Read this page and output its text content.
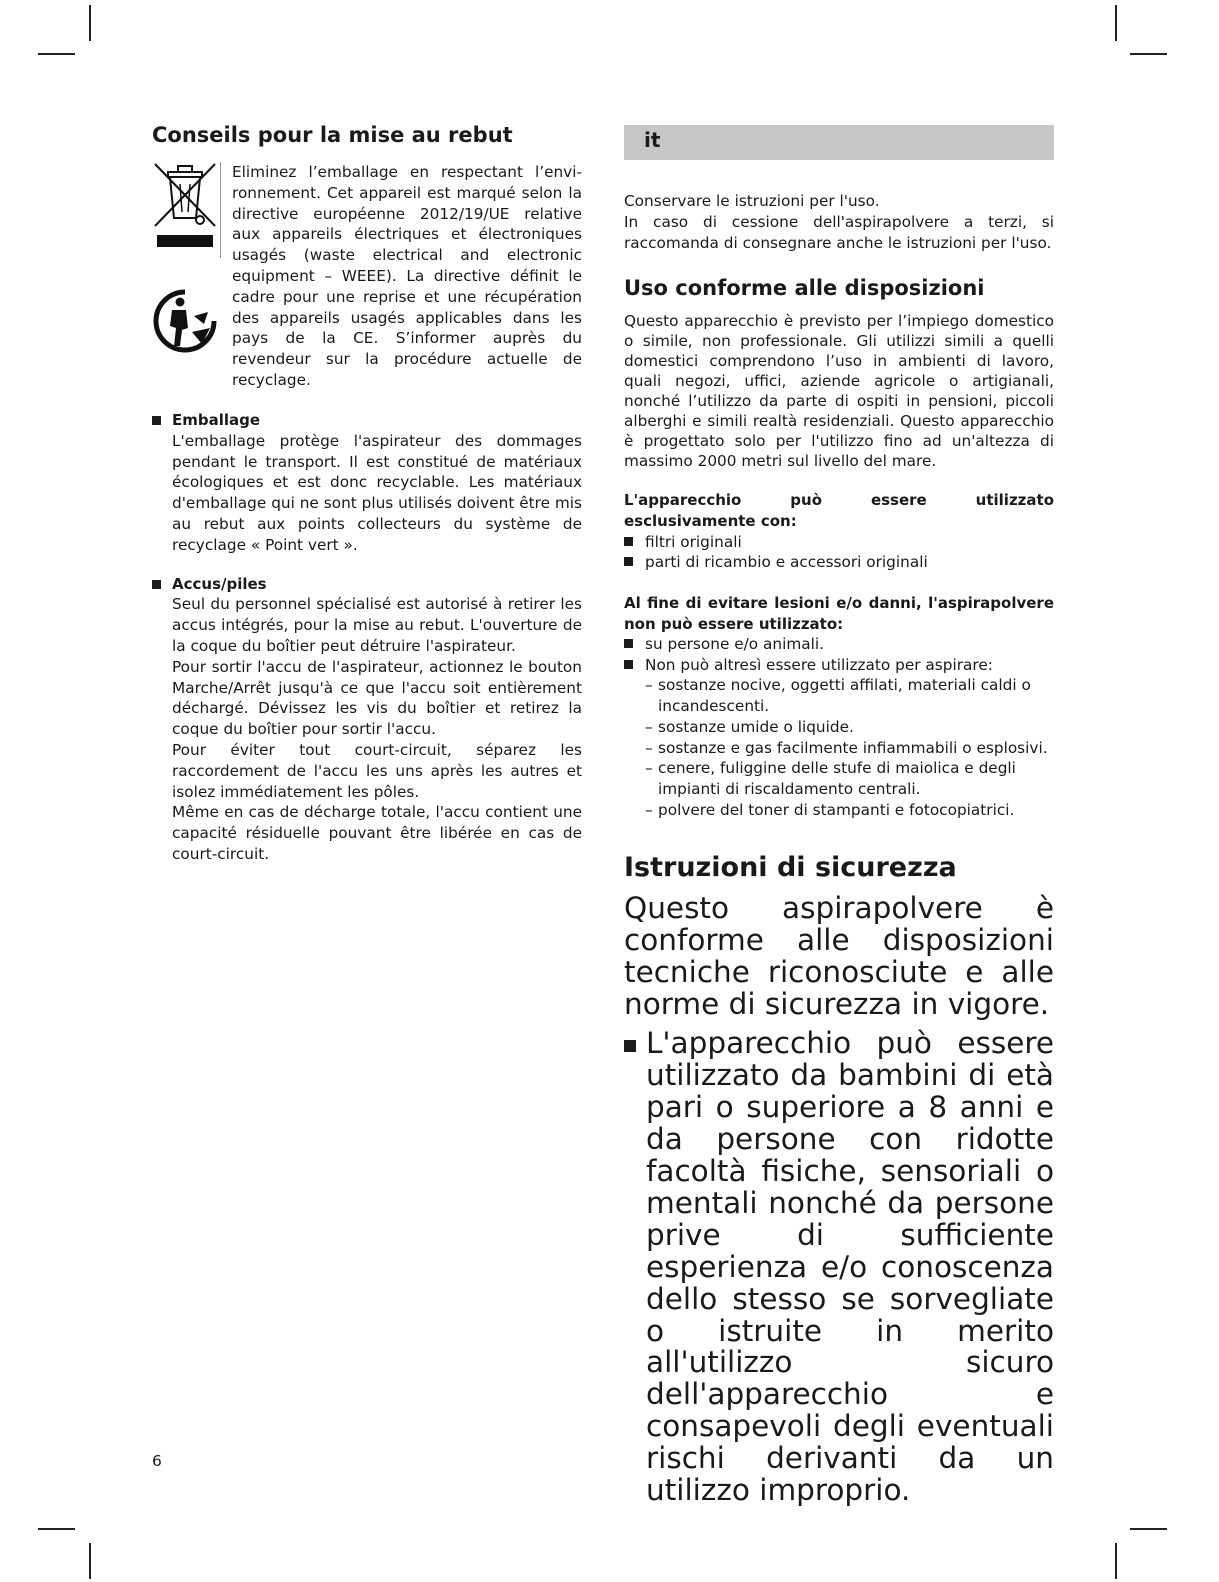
Conseils pour la mise au rebut

Eliminez l’emballage en respectant l’envi-ronnement. Cet appareil est marqué selon la directive européenne 2012/19/UE relative aux appareils électriques et électroniques usagés (waste electrical and electronic equipment – WEEE). La directive définit le cadre pour une reprise et une récupération des appareils usagés applicables dans les pays de la CE. S’informer auprès du revendeur sur la procédure actuelle de recyclage.

Emballage

L'emballage protège l'aspirateur des dommages pendant le transport. Il est constitué de matériaux écologiques et est donc recyclable. Les matériaux d'emballage qui ne sont plus utilisés doivent être mis au rebut aux points collecteurs du système de recyclage « Point vert ».

Accus/piles

Seul du personnel spécialisé est autorisé à retirer les accus intégrés, pour la mise au rebut. L'ouverture de la coque du boîtier peut détruire l'aspirateur.

Pour sortir l'accu de l'aspirateur, actionnez le bouton Marche/Arrêt jusqu'à ce que l'accu soit entièrement déchargé. Dévissez les vis du boîtier et retirez la coque du boîtier pour sortir l'accu.

Pour éviter tout court-circuit, séparez les raccordement de l'accu les uns après les autres et isolez immédiatement les pôles.

Même en cas de décharge totale, l'accu contient une capacité résiduelle pouvant être libérée en cas de court-circuit.

it

Conservare le istruzioni per l'uso.

In caso di cessione dell'aspirapolvere a terzi, si raccomanda di consegnare anche le istruzioni per l'uso.

Uso conforme alle disposizioni

Questo apparecchio è previsto per l’impiego domestico o simile, non professionale. Gli utilizzi simili a quelli domestici comprendono l’uso in ambienti di lavoro, quali negozi, uffici, aziende agricole o artigianali, nonché l’utilizzo da parte di ospiti in pensioni, piccoli alberghi e simili realtà residenziali. Questo apparecchio è progettato solo per l'utilizzo fino ad un'altezza di massimo 2000 metri sul livello del mare.

L'apparecchio può essere utilizzato esclusivamente con:

filtri originali
parti di ricambio e accessori originali

Al fine di evitare lesioni e/o danni, l'aspirapolvere non può essere utilizzato:

su persone e/o animali.
Non può altresì essere utilizzato per aspirare:
– sostanze nocive, oggetti affilati, materiali caldi o incandescenti.
– sostanze umide o liquide.
– sostanze e gas facilmente infiammabili o esplosivi.
– cenere, fuliggine delle stufe di maiolica e degli impianti di riscaldamento centrali.
– polvere del toner di stampanti e fotocopiatrici.
Istruzioni di sicurezza

Questo aspirapolvere è conforme alle disposizioni tecniche riconosciute e alle norme di sicurezza in vigore.

L'apparecchio può essere utilizzato da bambini di età pari o superiore a 8 anni e da persone con ridotte facoltà fisiche, sensoriali o mentali nonché da persone prive di sufficiente esperienza e/o conoscenza dello stesso se sorvegliate o istruite in merito all'utilizzo sicuro dell'apparecchio e consapevoli degli eventuali rischi derivanti da un utilizzo improprio.

6
